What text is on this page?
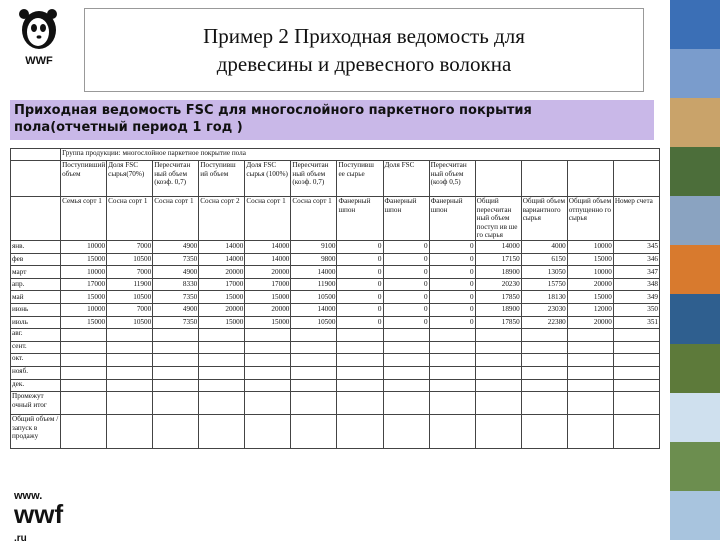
WWF
Пример 2 Приходная ведомость для
древесины и древесного волокна
Приходная ведомость FSC для многослойного паркетного покрытия
пола(отчетный период 1 год )
	Группа продукции: многослойное паркетное покрытие пола												
	Поступивший объем	Доля FSC сырья(70%)	Пересчитан ный объем (коэф. 0,7)	Поступивш ий объем	Доля FSC сырья (100%)	Пересчитан ный объем (коэф. 0,7)	Поступивш ее сырье	Доля FSC	Пересчитан ный объем (коэф 0,5)				
	Семья сорт 1	Сосна сорт 1	Сосна сорт 1	Сосна сорт 2	Сосна сорт 1	Сосна сорт 1	Фанерный шпон	Фанерный шпон	Фанерный шпон	Общий пересчитан ный объем поступ ив ше го сырья	Общий объем вариантного сырья	Общий объем отпущенно го сырья	Номер счета
янв.	10000	7000	4900	14000	14000	9100	0	0	0	14000	4000	10000	345
фев	15000	10500	7350	14000	14000	9800	0	0	0	17150	6150	15000	346
март	10000	7000	4900	20000	20000	14000	0	0	0	18900	13050	10000	347
апр.	17000	11900	8330	17000	17000	11900	0	0	0	20230	15750	20000	348
май	15000	10500	7350	15000	15000	10500	0	0	0	17850	18130	15000	349
июнь	10000	7000	4900	20000	20000	14000	0	0	0	18900	23030	12000	350
июль	15000	10500	7350	15000	15000	10500	0	0	0	17850	22380	20000	351
авг.													
сент.													
окт.													
нояб.													
дек.													
Промежут очный итог													
Общий объем /запуск в продажу													
www.
wwf .ru
